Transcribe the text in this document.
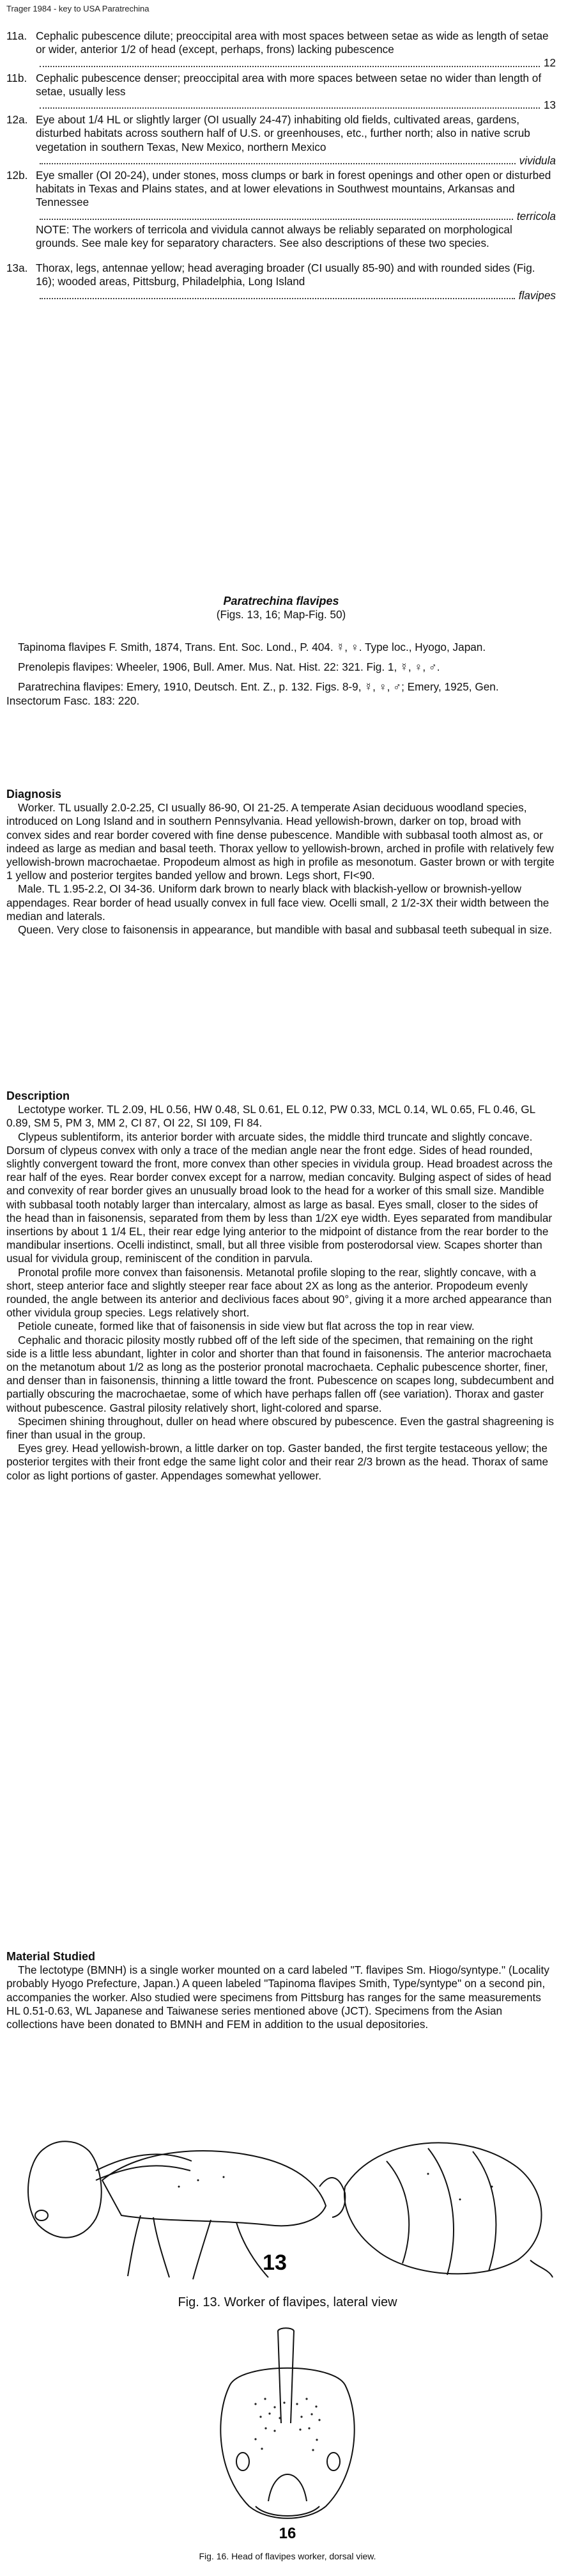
Trager 1984 - key to USA Paratrechina
11a. Cephalic pubescence dilute; preoccipital area with most spaces between setae as wide as length of setae or wider, anterior 1/2 of head (except, perhaps, frons) lacking pubescence
12
11b. Cephalic pubescence denser; preoccipital area with more spaces between setae no wider than length of setae, usually less
13
12a. Eye about 1/4 HL or slightly larger (OI usually 24-47) inhabiting old fields, cultivated areas, gardens, disturbed habitats across southern half of U.S. or greenhouses, etc., further north; also in native scrub vegetation in southern Texas, New Mexico, northern Mexico
vividula
12b. Eye smaller (OI 20-24), under stones, moss clumps or bark in forest openings and other open or disturbed habitats in Texas and Plains states, and at lower elevations in Southwest mountains, Arkansas and Tennessee
terricola
NOTE: The workers of terricola and vividula cannot always be reliably separated on morphological grounds. See male key for separatory characters. See also descriptions of these two species.
13a. Thorax, legs, antennae yellow; head averaging broader (CI usually 85-90) and with rounded sides (Fig. 16); wooded areas, Pittsburg, Philadelphia, Long Island
flavipes
Paratrechina flavipes
(Figs. 13, 16; Map-Fig. 50)

Tapinoma flavipes F. Smith, 1874, Trans. Ent. Soc. Lond., P. 404. ☿, ♀. Type loc., Hyogo, Japan.

Prenolepis flavipes: Wheeler, 1906, Bull. Amer. Mus. Nat. Hist. 22: 321. Fig. 1, ☿, ♀, ♂.

Paratrechina flavipes: Emery, 1910, Deutsch. Ent. Z., p. 132. Figs. 8-9, ☿, ♀, ♂; Emery, 1925, Gen. Insectorum Fasc. 183: 220.

Diagnosis

Worker. TL usually 2.0-2.25, CI usually 86-90, OI 21-25. A temperate Asian deciduous woodland species, introduced on Long Island and in southern Pennsylvania. Head yellowish-brown, darker on top, broad with convex sides and rear border covered with fine dense pubescence. Mandible with subbasal tooth almost as, or indeed as large as median and basal teeth. Thorax yellow to yellowish-brown, arched in profile with relatively few yellowish-brown macrochaetae. Propodeum almost as high in profile as mesonotum. Gaster brown or with tergite 1 yellow and posterior tergites banded yellow and brown. Legs short, FI<90.

Male. TL 1.95-2.2, OI 34-36. Uniform dark brown to nearly black with blackish-yellow or brownish-yellow appendages. Rear border of head usually convex in full face view. Ocelli small, 2 1/2-3X their width between the median and laterals.

Queen. Very close to faisonensis in appearance, but mandible with basal and subbasal teeth subequal in size.

Description

Lectotype worker. TL 2.09, HL 0.56, HW 0.48, SL 0.61, EL 0.12, PW 0.33, MCL 0.14, WL 0.65, FL 0.46, GL 0.89, SM 5, PM 3, MM 2, CI 87, OI 22, SI 109, FI 84.

Clypeus sublentiform, its anterior border with arcuate sides, the middle third truncate and slightly concave. Dorsum of clypeus convex with only a trace of the median angle near the front edge. Sides of head rounded, slightly convergent toward the front, more convex than other species in vividula group. Head broadest across the rear half of the eyes. Rear border convex except for a narrow, median concavity. Bulging aspect of sides of head and convexity of rear border gives an unusually broad look to the head for a worker of this small size. Mandible with subbasal tooth notably larger than intercalary, almost as large as basal. Eyes small, closer to the sides of the head than in faisonensis, separated from them by less than 1/2X eye width. Eyes separated from mandibular insertions by about 1 1/4 EL, their rear edge lying anterior to the midpoint of distance from the rear border to the mandibular insertions. Ocelli indistinct, small, but all three visible from posterodorsal view. Scapes shorter than usual for vividula group, reminiscent of the condition in parvula.

Pronotal profile more convex than faisonensis. Metanotal profile sloping to the rear, slightly concave, with a short, steep anterior face and slightly steeper rear face about 2X as long as the anterior. Propodeum evenly rounded, the angle between its anterior and declivious faces about 90°, giving it a more arched appearance than other vividula group species. Legs relatively short.

Petiole cuneate, formed like that of faisonensis in side view but flat across the top in rear view.

Cephalic and thoracic pilosity mostly rubbed off of the left side of the specimen, that remaining on the right side is a little less abundant, lighter in color and shorter than that found in faisonensis. The anterior macrochaeta on the metanotum about 1/2 as long as the posterior pronotal macrochaeta. Cephalic pubescence shorter, finer, and denser than in faisonensis, thinning a little toward the front. Pubescence on scapes long, subdecumbent and partially obscuring the macrochaetae, some of which have perhaps fallen off (see variation). Thorax and gaster without pubescence. Gastral pilosity relatively short, light-colored and sparse.

Specimen shining throughout, duller on head where obscured by pubescence. Even the gastral shagreening is finer than usual in the group.

Eyes grey. Head yellowish-brown, a little darker on top. Gaster banded, the first tergite testaceous yellow; the posterior tergites with their front edge the same light color and their rear 2/3 brown as the head. Thorax of same color as light portions of gaster. Appendages somewhat yellower.

Material Studied

The lectotype (BMNH) is a single worker mounted on a card labeled "T. flavipes Sm. Hiogo/syntype." (Locality probably Hyogo Prefecture, Japan.) A queen labeled "Tapinoma flavipes Smith, Type/syntype" on a second pin, accompanies the worker. Also studied were specimens from Pittsburg has ranges for the same measurements HL 0.51-0.63, WL Japanese and Taiwanese series mentioned above (JCT). Specimens from the Asian collections have been donated to BMNH and FEM in addition to the usual depositories.

13
Fig. 13. Worker of flavipes, lateral view
16
Fig. 16. Head of flavipes worker, dorsal view.
